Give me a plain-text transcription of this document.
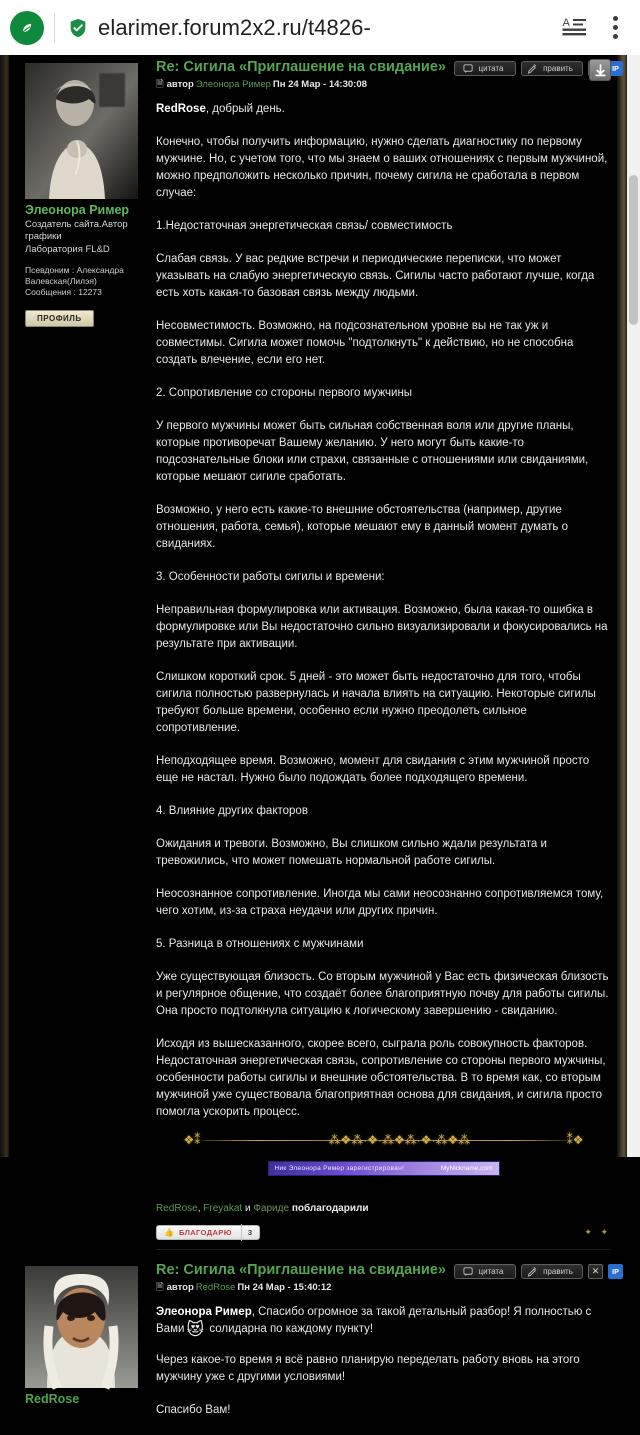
elarimer.forum2x2.ru/t4826-	A
Элеонора Римep
Создатель сайта.Автор графики
Лаборатория FL&D
Псевдоним : Александра
Валевская(Лилэя)
Сообщения : 12273
ПРОФИЛЬ
Re: Сигила «Приглашение на свидание»
🗎 автор Элеонора Римep Пн 24 Мар - 14:30:08
цитата	править	IP

RedRose, добрый день.

Конечно, чтобы получить информацию, нужно сделать диагностику по первому мужчине. Но, с учетом того, что мы знаем о ваших отношениях с первым мужчиной, можно предположить несколько причин, почему сигила не сработала в первом случае:

1.Недостаточная энергетическая связь/ совместимость

Слабая связь. У вас редкие встречи и периодические переписки, что может указывать на слабую энергетическую связь. Сигилы часто работают лучше, когда есть хоть какая-то базовая связь между людьми.

Несовместимость. Возможно, на подсознательном уровне вы не так уж и совместимы. Сигила может помочь "подтолкнуть" к действию, но не способна создать влечение, если его нет.

2. Сопротивление со стороны первого мужчины

У первого мужчины может быть сильная собственная воля или другие планы, которые противоречат Вашему желанию. У него могут быть какие-то подсознательные блоки или страхи, связанные с отношениями или свиданиями, которые мешают сигиле сработать.

Возможно, у него есть какие-то внешние обстоятельства (например, другие отношения, работа, семья), которые мешают ему в данный момент думать о свиданиях.

3. Особенности работы сигилы и времени:

Неправильная формулировка или активация. Возможно, была какая-то ошибка в формулировке или Вы недостаточно сильно визуализировали и фокусировались на результате при активации.

Слишком короткий срок. 5 дней - это может быть недостаточно для того, чтобы сигила полностью развернулась и начала влиять на ситуацию. Некоторые сигилы требуют больше времени, особенно если нужно преодолеть сильное сопротивление.

Неподходящее время. Возможно, момент для свидания с этим мужчиной просто еще не настал. Нужно было подождать более подходящего времени.

4. Влияние других факторов

Ожидания и тревоги. Возможно, Вы слишком сильно ждали результата и тревожились, что может помешать нормальной работе сигилы.

Неосознанное сопротивление. Иногда мы сами неосознанно сопротивляемся тому, чего хотим, из-за страха неудачи или других причин.

5. Разница в отношениях с мужчинами

Уже существующая близость. Со вторым мужчиной у Вас есть физическая близость и регулярное общение, что создаёт более благоприятную почву для работы сигилы. Она просто подтолкнула ситуацию к логическому завершению - свиданию.

Исходя из вышесказанного, скорее всего, сыграла роль совокупность факторов. Недостаточная энергетическая связь, сопротивление со стороны первого мужчины, особенности работы сигилы и внешние обстоятельства. В то время как, со вторым мужчиной уже существовала благоприятная основа для свидания, и сигила просто помогла ускорить процесс.

❖⁑	⁂❖⁂·❖·⁂❖⁂·❖·⁂❖⁂	⁑❖
Ник Элеонора Римep зарегистрирован!	MyNickname.com
RedRose, Freyakat и Фариде поблагодарили
👍 БЛАГОДАРЮ	3	✦ ✦
RedRose
Re: Сигила «Приглашение на свидание»
🗎 автор RedRose Пн 24 Мар - 15:40:12
цитата	править	✕	IP

Элеонора Римep, Спасибо огромное за такой детальный разбор! Я полностью с Вами 😻 солидарна по каждому пункту!

Через какое-то время я всё равно планирую переделать работу вновь на этого мужчину уже с другими условиями!

Спасибо Вам!
